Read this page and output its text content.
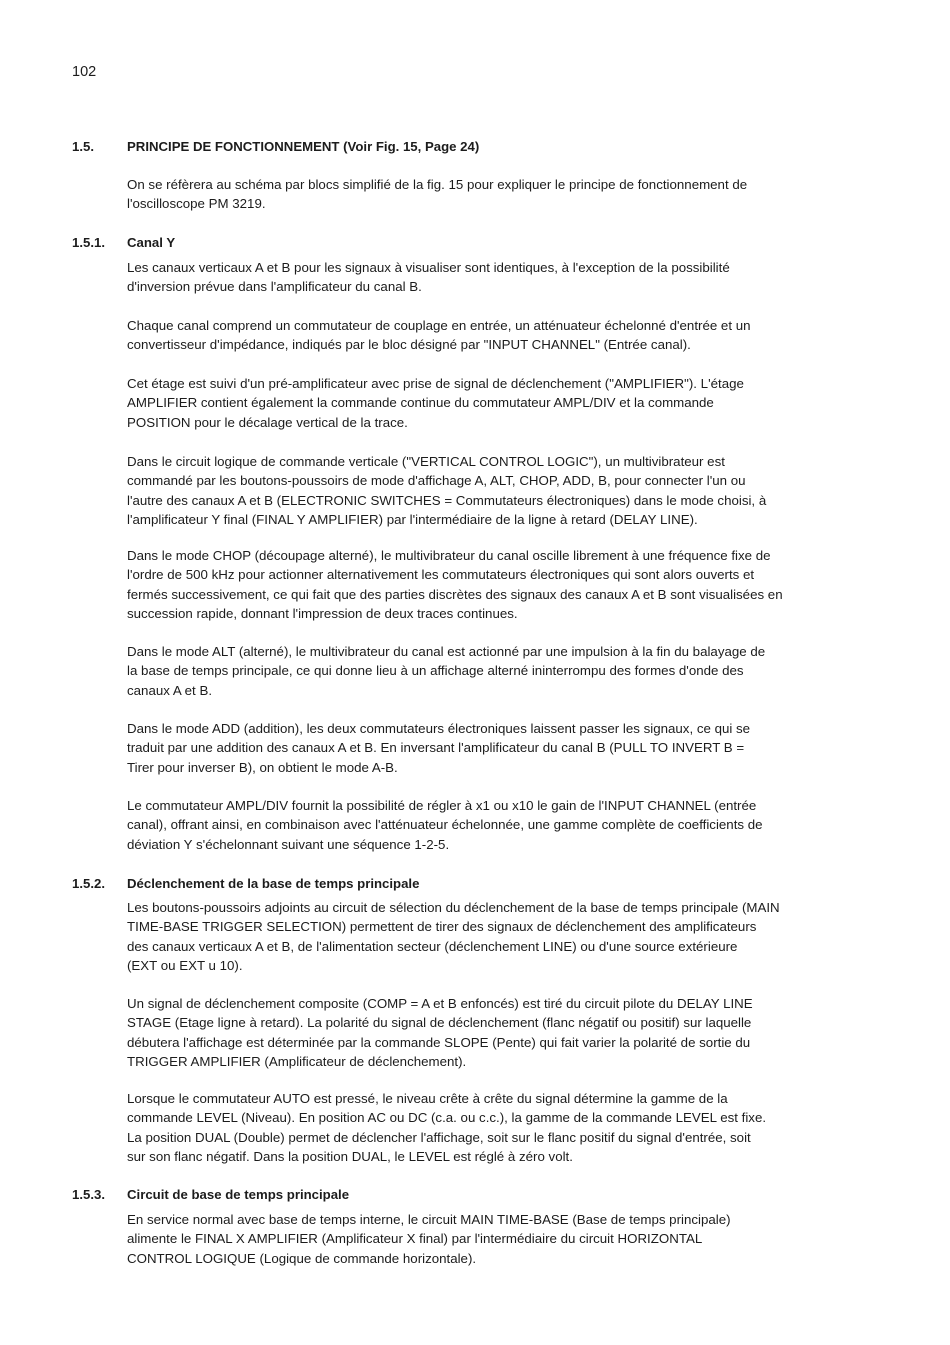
102
1.5.	PRINCIPE DE FONCTIONNEMENT (Voir Fig. 15, Page 24)

On se réfèrera au schéma par blocs simplifié de la fig. 15 pour expliquer le principe de fonctionnement de
l'oscilloscope PM 3219.

1.5.1. Canal Y

Les canaux verticaux A et B pour les signaux à visualiser sont identiques, à l'exception de la possibilité
d'inversion prévue dans l'amplificateur du canal B.

Chaque canal comprend un commutateur de couplage en entrée, un atténuateur échelonné d'entrée et un
convertisseur d'impédance, indiqués par le bloc désigné par "INPUT CHANNEL" (Entrée canal).

Cet étage est suivi d'un pré-amplificateur avec prise de signal de déclenchement ("AMPLIFIER"). L'étage
AMPLIFIER contient également la commande continue du commutateur AMPL/DIV et la commande
POSITION pour le décalage vertical de la trace.

Dans le circuit logique de commande verticale ("VERTICAL CONTROL LOGIC"), un multivibrateur est
commandé par les boutons-poussoirs de mode d'affichage A, ALT, CHOP, ADD, B, pour connecter l'un ou
l'autre des canaux A et B (ELECTRONIC SWITCHES = Commutateurs électroniques) dans le mode choisi, à
l'amplificateur Y final (FINAL Y AMPLIFIER) par l'intermédiaire de la ligne à retard (DELAY LINE).

Dans le mode CHOP (découpage alterné), le multivibrateur du canal oscille librement à une fréquence fixe de
l'ordre de 500 kHz pour actionner alternativement les commutateurs électroniques qui sont alors ouverts et
fermés successivement, ce qui fait que des parties discrètes des signaux des canaux A et B sont visualisées en
succession rapide, donnant l'impression de deux traces continues.

Dans le mode ALT (alterné), le multivibrateur du canal est actionné par une impulsion à la fin du balayage de
la base de temps principale, ce qui donne lieu à un affichage alterné ininterrompu des formes d'onde des
canaux A et B.

Dans le mode ADD (addition), les deux commutateurs électroniques laissent passer les signaux, ce qui se
traduit par une addition des canaux A et B. En inversant l'amplificateur du canal B (PULL TO INVERT B =
Tirer pour inverser B), on obtient le mode A-B.

Le commutateur AMPL/DIV fournit la possibilité de régler à x1 ou x10 le gain de l'INPUT CHANNEL (entrée
canal), offrant ainsi, en combinaison avec l'atténuateur échelonnée, une gamme complète de coefficients de
déviation Y s'échelonnant suivant une séquence 1-2-5.

1.5.2. Déclenchement de la base de temps principale

Les boutons-poussoirs adjoints au circuit de sélection du déclenchement de la base de temps principale (MAIN
TIME-BASE TRIGGER SELECTION) permettent de tirer des signaux de déclenchement des amplificateurs
des canaux verticaux A et B, de l'alimentation secteur (déclenchement LINE) ou d'une source extérieure
(EXT ou EXT u 10).

Un signal de déclenchement composite (COMP = A et B enfoncés) est tiré du circuit pilote du DELAY LINE
STAGE (Etage ligne à retard). La polarité du signal de déclenchement (flanc négatif ou positif) sur laquelle
débutera l'affichage est déterminée par la commande SLOPE (Pente) qui fait varier la polarité de sortie du
TRIGGER AMPLIFIER (Amplificateur de déclenchement).

Lorsque le commutateur AUTO est pressé, le niveau crête à crête du signal détermine la gamme de la
commande LEVEL (Niveau). En position AC ou DC (c.a. ou c.c.), la gamme de la commande LEVEL est fixe.
La position DUAL (Double) permet de déclencher l'affichage, soit sur le flanc positif du signal d'entrée, soit
sur son flanc négatif. Dans la position DUAL, le LEVEL est réglé à zéro volt.

1.5.3. Circuit de base de temps principale

En service normal avec base de temps interne, le circuit MAIN TIME-BASE (Base de temps principale)
alimente le FINAL X AMPLIFIER (Amplificateur X final) par l'intermédiaire du circuit HORIZONTAL
CONTROL LOGIQUE (Logique de commande horizontale).
